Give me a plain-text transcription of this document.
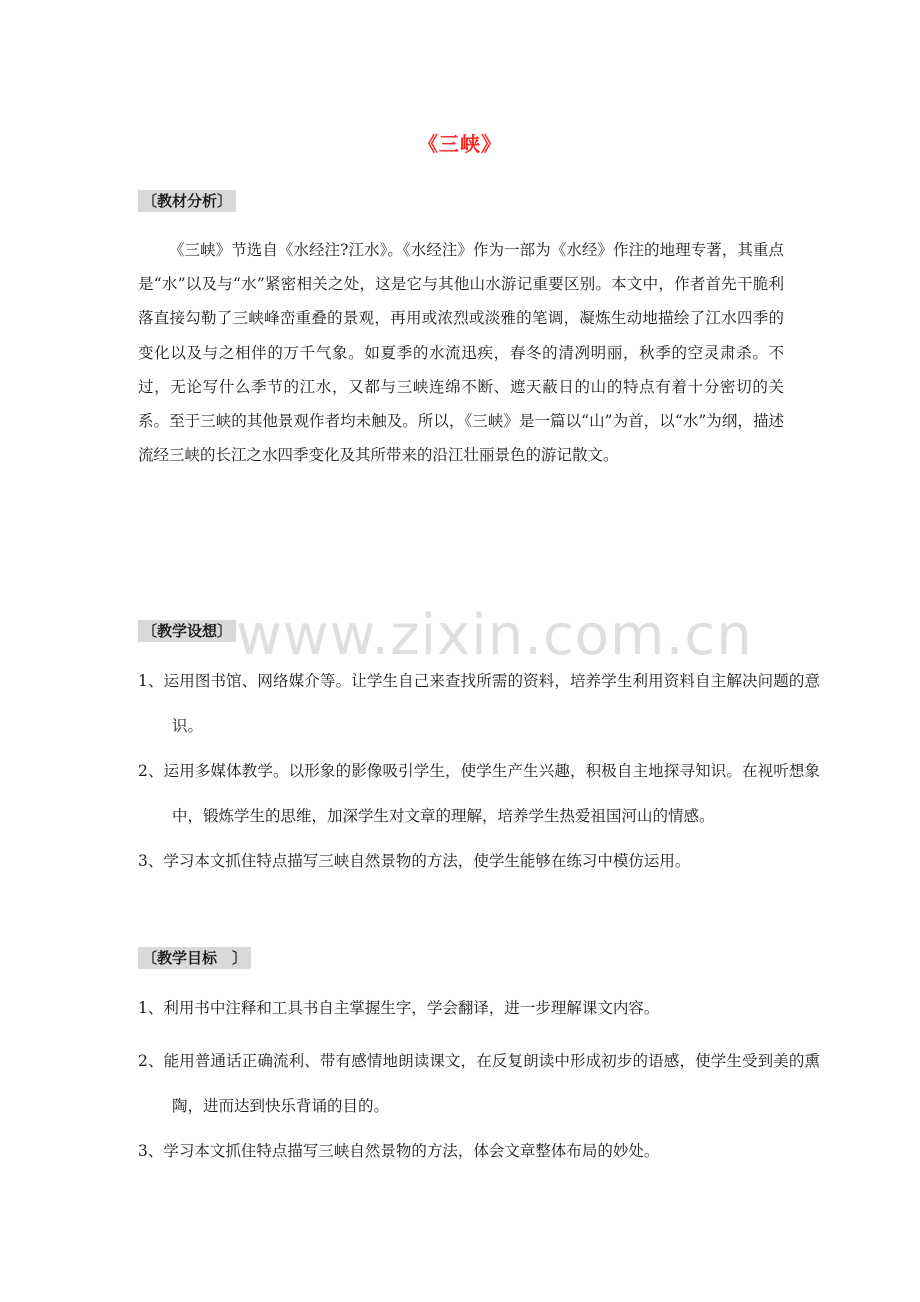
《三峡》
〔教材分析〕

《三峡》节选自《水经注?江水》。《水经注》作为一部为《水经》作注的地理专著，其重点是“水”以及与“水”紧密相关之处，这是它与其他山水游记重要区别。本文中，作者首先干脆利落直接勾勒了三峡峰峦重叠的景观，再用或浓烈或淡雅的笔调，凝炼生动地描绘了江水四季的变化以及与之相伴的万千气象。如夏季的水流迅疾，春冬的清冽明丽，秋季的空灵肃杀。不过，无论写什么季节的江水，又都与三峡连绵不断、遮天蔽日的山的特点有着十分密切的关系。至于三峡的其他景观作者均未触及。所以，《三峡》是一篇以“山”为首，以“水”为纲，描述流经三峡的长江之水四季变化及其所带来的沿江壮丽景色的游记散文。

www.zixin.com.cn
〔教学设想〕

1、运用图书馆、网络媒介等。让学生自己来查找所需的资料，培养学生利用资料自主解决问题的意识。

2、运用多媒体教学。以形象的影像吸引学生，使学生产生兴趣，积极自主地探寻知识。在视听想象中，锻炼学生的思维，加深学生对文章的理解，培养学生热爱祖国河山的情感。

3、学习本文抓住特点描写三峡自然景物的方法，使学生能够在练习中模仿运用。

〔教学目标　〕

1、利用书中注释和工具书自主掌握生字，学会翻译，进一步理解课文内容。

2、能用普通话正确流利、带有感情地朗读课文，在反复朗读中形成初步的语感，使学生受到美的熏陶，进而达到快乐背诵的目的。

3、学习本文抓住特点描写三峡自然景物的方法，体会文章整体布局的妙处。
